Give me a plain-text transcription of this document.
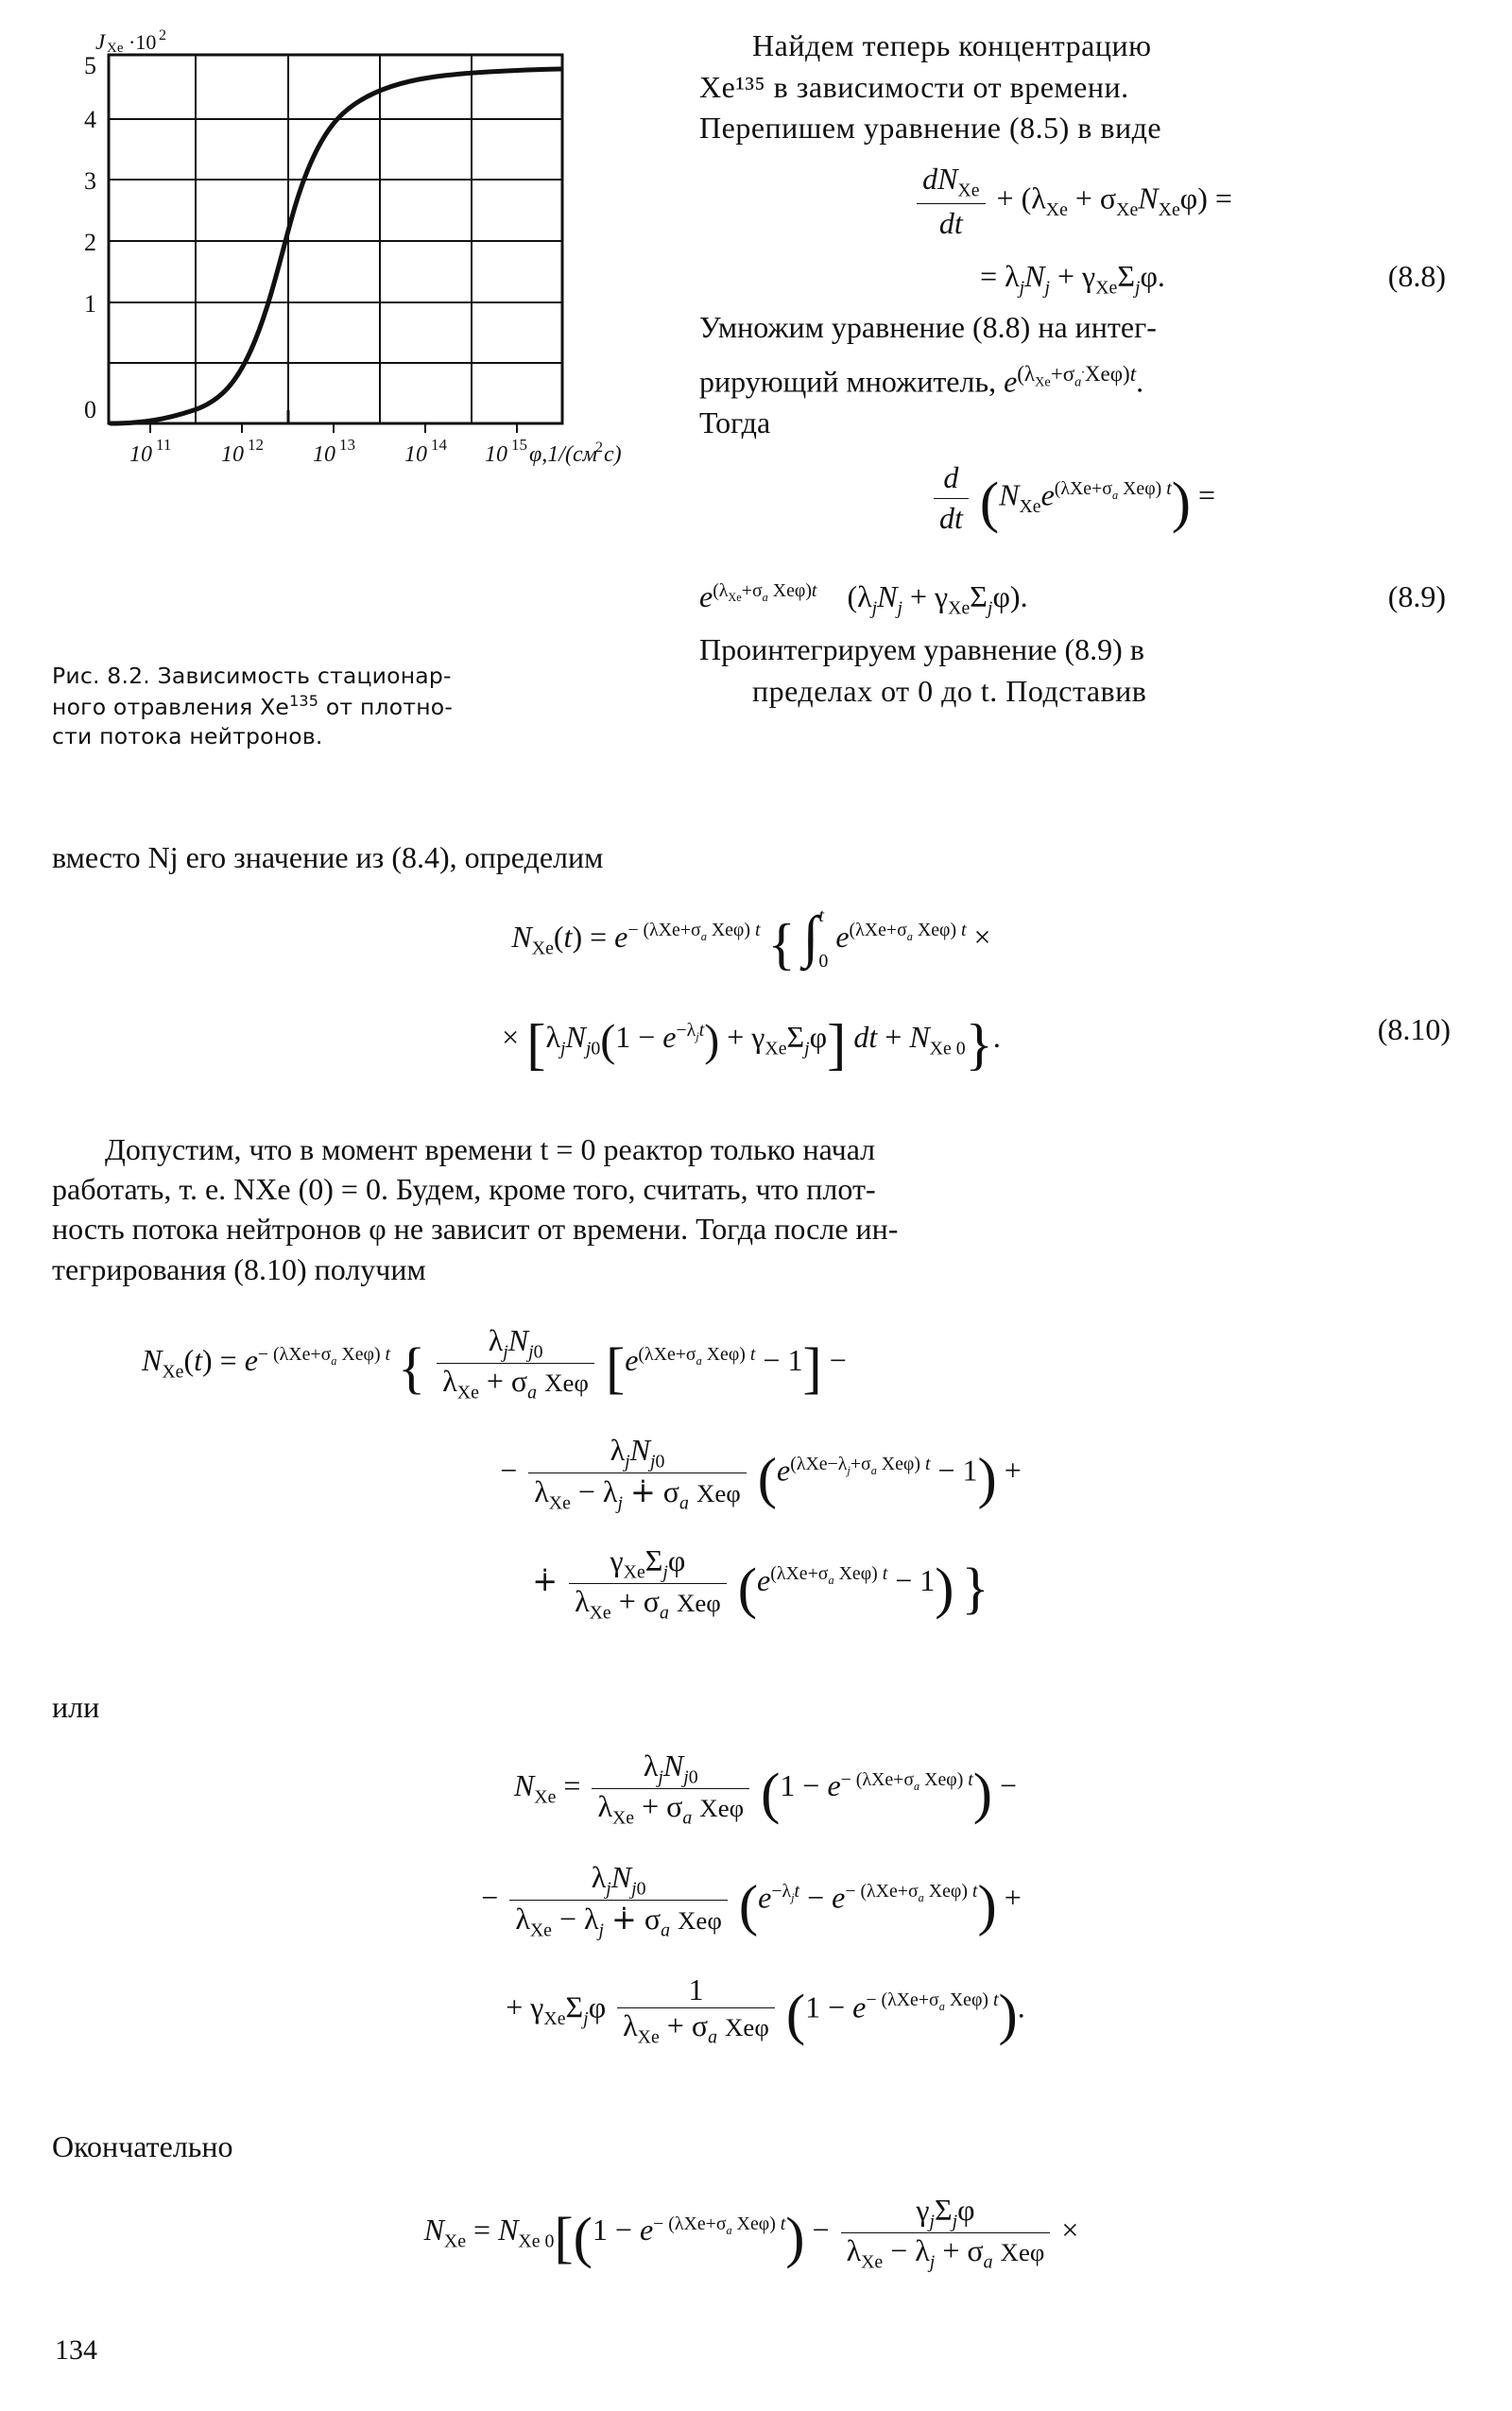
J Xe ·10 2
5
4
3
2
1
0
10 11 10 12 10 13 10 14 10 15 φ,1/(см
2 с)
Рис. 8.2. Зависимость стационар-
ного отравления $Хе^{135}$ от плотно-
сти потока нейтронов.

Найдем теперь концентрацию

Хе¹³⁵ в зависимости от времени.

Перепишем уравнение (8.5) в виде

$\frac{dN_{Xe}}{dt} + (\lambda_{Xe} + \sigma_{Xe}N_{Xe}\varphi)$ =
= $\lambda_jN_j + \gamma_{Xe}\Sigma_j\varphi$.	(8.8)

Умножим уравнение (8.8) на интег-

рирующий множитель, $e^{(\lambda_{Xe}+\sigma_a^.Xe\varphi)t}$.

Тогда

$\frac{d}{dt} (N_{Xe}e^{(\lambda Xe+\sigma_a Xe\varphi) t})$ =
$e^{(\lambda_{Xe}+\sigma_a Xe\varphi)t}$    $(\lambda_jN_j + \gamma_{Xe}\Sigma_j\varphi)$.	(8.9)

Проинтегрируем уравнение (8.9) в

пределах от 0 до t. Подставив

вместо Nj его значение из (8.4), определим

$N_{Xe}(t) = e^{- (\lambda Xe+\sigma_a Xe\varphi) t}$ { ∫ t
0
$e^{(\lambda Xe+\sigma_a Xe\varphi) t}$ ×
× $[\lambda_jN_{j0}(1 - e^{-\lambda_jt}) + \gamma_{Xe}\Sigma_j\varphi]$ dt + $N_{Xe 0}$}.	(8.10)

Допустим, что в момент времени t = 0 реактор только начал

работать, т. е. NXe (0) = 0. Будем, кроме того, считать, что плот-

ность потока нейтронов φ не зависит от времени. Тогда после ин-

тегрирования (8.10) получим

$N_{Xe}(t) = e^{- (\lambda Xe+\sigma_a Xe\varphi) t}$ { $\frac{\lambda_jN_{j0}}{\lambda_{Xe} + \sigma_a Xe\varphi} [e^{(\lambda Xe+\sigma_a Xe\varphi) t} - 1]$ −
− $\frac{\lambda_jN_{j0}}{\lambda_{Xe} - \lambda_j ∔ \sigma_a Xe\varphi} (e^{(\lambda Xe-\lambda_j+\sigma_a Xe\varphi) t} - 1)$ +
∔ $\frac{\gamma_{Xe}\Sigma_j\varphi}{\lambda_{Xe} + \sigma_a Xe\varphi} (e^{(\lambda Xe+\sigma_a Xe\varphi) t} - 1)$ }

или

$N_{Xe} = \frac{\lambda_jN_{j0}}{\lambda_{Xe} + \sigma_a Xe\varphi} (1 - e^{- (\lambda Xe+\sigma_a Xe\varphi) t})$ −
− $\frac{\lambda_jN_{j0}}{\lambda_{Xe} - \lambda_j ∔ \sigma_a Xe\varphi} (e^{-\lambda_jt} - e^{- (\lambda Xe+\sigma_a Xe\varphi) t})$ +
+ $\gamma_{Xe}\Sigma_j\varphi \frac{1}{\lambda_{Xe} + \sigma_a Xe\varphi} (1 - e^{- (\lambda Xe+\sigma_a Xe\varphi) t})$.

Окончательно

$N_{Xe} = N_{Xe 0}[(1 - e^{- (\lambda Xe+\sigma_a Xe\varphi) t}) - \frac{\gamma_j\Sigma_j\varphi}{\lambda_{Xe} - \lambda_j + \sigma_a Xe\varphi}$ ×
134
